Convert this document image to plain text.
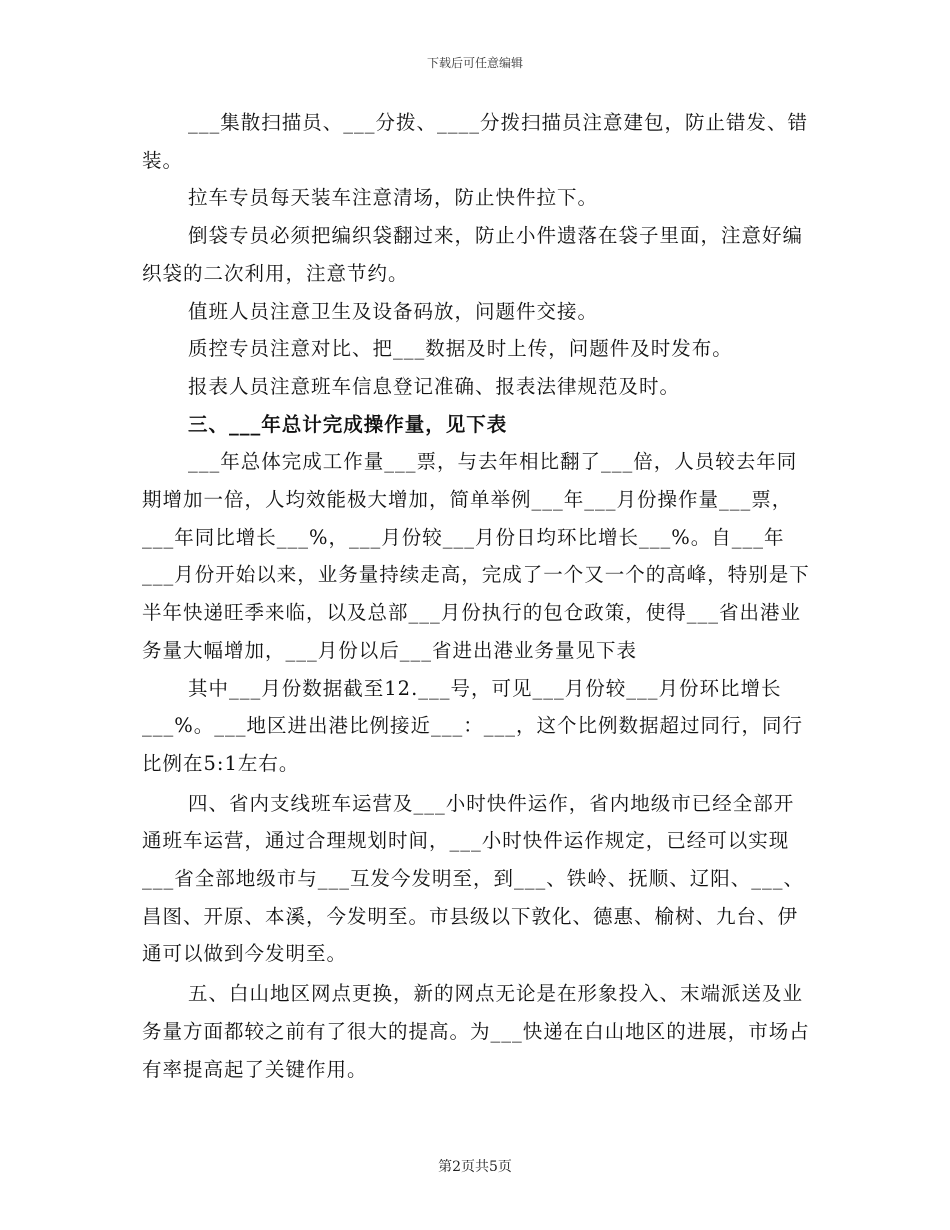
下载后可任意编辑

___集散扫描员、___分拨、____分拨扫描员注意建包，防止错发、错装。

拉车专员每天装车注意清场，防止快件拉下。

倒袋专员必须把编织袋翻过来，防止小件遗落在袋子里面，注意好编织袋的二次利用，注意节约。

值班人员注意卫生及设备码放，问题件交接。

质控专员注意对比、把___数据及时上传，问题件及时发布。

报表人员注意班车信息登记准确、报表法律规范及时。

三、___年总计完成操作量，见下表

___年总体完成工作量___票，与去年相比翻了___倍，人员较去年同期增加一倍，人均效能极大增加，简单举例___年___月份操作量___票，___年同比增长___%，___月份较___月份日均环比增长___%。自___年___月份开始以来，业务量持续走高，完成了一个又一个的高峰，特别是下半年快递旺季来临，以及总部___月份执行的包仓政策，使得___省出港业务量大幅增加，___月份以后___省进出港业务量见下表

其中___月份数据截至12.___号，可见___月份较___月份环比增长___%。___地区进出港比例接近___：___，这个比例数据超过同行，同行比例在5:1左右。

四、省内支线班车运营及___小时快件运作，省内地级市已经全部开通班车运营，通过合理规划时间，___小时快件运作规定，已经可以实现___省全部地级市与___互发今发明至，到___、铁岭、抚顺、辽阳、___、昌图、开原、本溪，今发明至。市县级以下敦化、德惠、榆树、九台、伊通可以做到今发明至。

五、白山地区网点更换，新的网点无论是在形象投入、末端派送及业务量方面都较之前有了很大的提高。为___快递在白山地区的进展，市场占有率提高起了关键作用。

第2页共5页
